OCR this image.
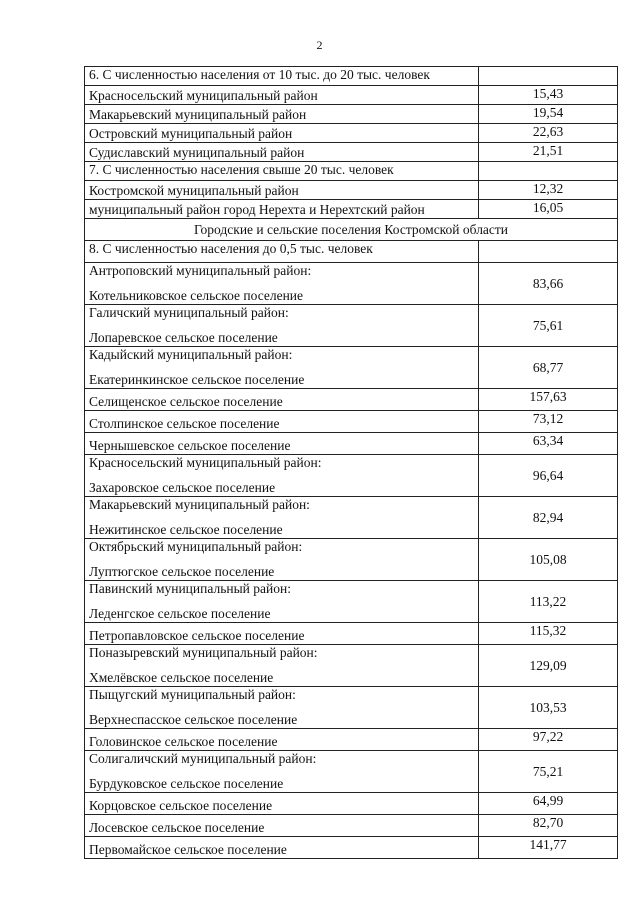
2
6. С численностью населения от 10 тыс. до 20 тыс. человек	
Красносельский муниципальный район	15,43
Макарьевский муниципальный район	19,54
Островский муниципальный район	22,63
Судиславский муниципальный район	21,51
7. С численностью населения свыше 20 тыс. человек	
Костромской муниципальный район	12,32
муниципальный район город Нерехта и Нерехтский район	16,05
Городские и сельские поселения Костромской области	
8. С численностью населения до 0,5 тыс. человек	

Антроповский муниципальный район:
Котельниковское сельское поселение	83,66

Галичский муниципальный район:
Лопаревское сельское поселение	75,61

Кадыйский муниципальный район:
Екатеринкинское сельское поселение	68,77
Селищенское сельское поселение	157,63
Столпинское сельское поселение	73,12
Чернышевское сельское поселение	63,34

Красносельский муниципальный район:
Захаровское сельское поселение	96,64

Макарьевский муниципальный район:
Нежитинское сельское поселение	82,94

Октябрьский муниципальный район:
Луптюгское сельское поселение	105,08

Павинский муниципальный район:
Леденгское сельское поселение	113,22
Петропавловское сельское поселение	115,32

Поназыревский муниципальный район:
Хмелёвское сельское поселение	129,09

Пыщугский муниципальный район:
Верхнеспасское сельское поселение	103,53
Головинское сельское поселение	97,22

Солигаличский муниципальный район:
Бурдуковское сельское поселение	75,21
Корцовское сельское поселение	64,99
Лосевское сельское поселение	82,70
Первомайское сельское поселение	141,77
